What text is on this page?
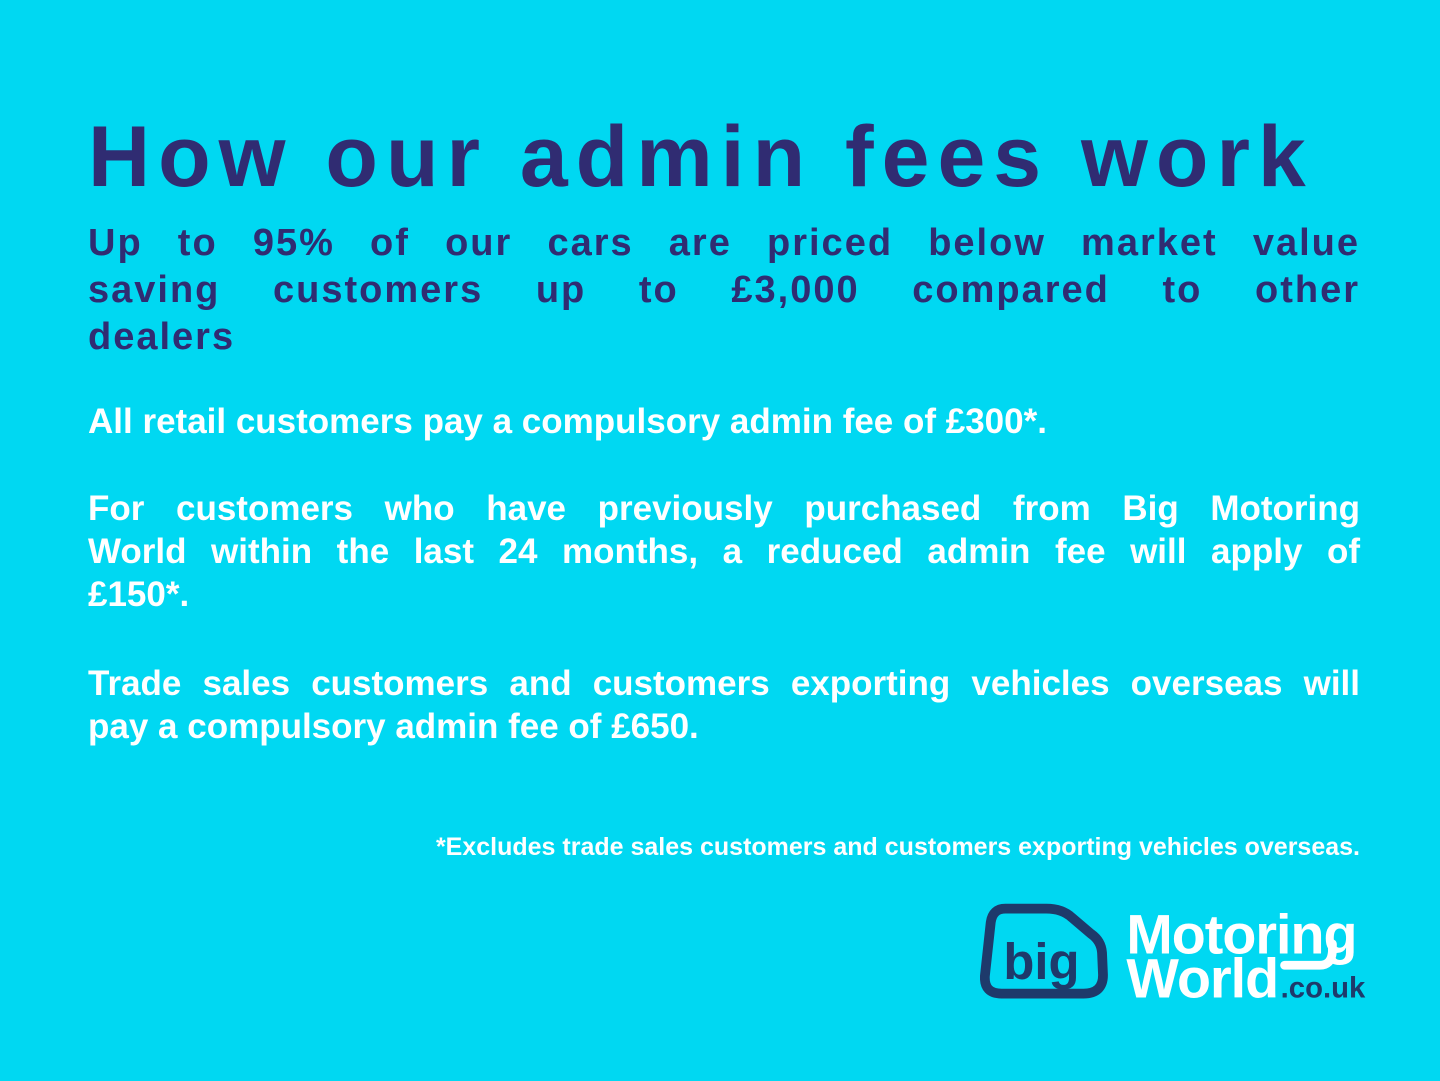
How our admin fees work
Up to 95% of our cars are priced below market value
saving customers up to £3,000 compared to other
dealers
All retail customers pay a compulsory admin fee of £300*.
For customers who have previously purchased from Big Motoring
World within the last 24 months, a reduced admin fee will apply of
£150*.
Trade sales customers and customers exporting vehicles overseas will
pay a compulsory admin fee of £650.
*Excludes trade sales customers and customers exporting vehicles overseas.
big Motoring
World .co.uk
